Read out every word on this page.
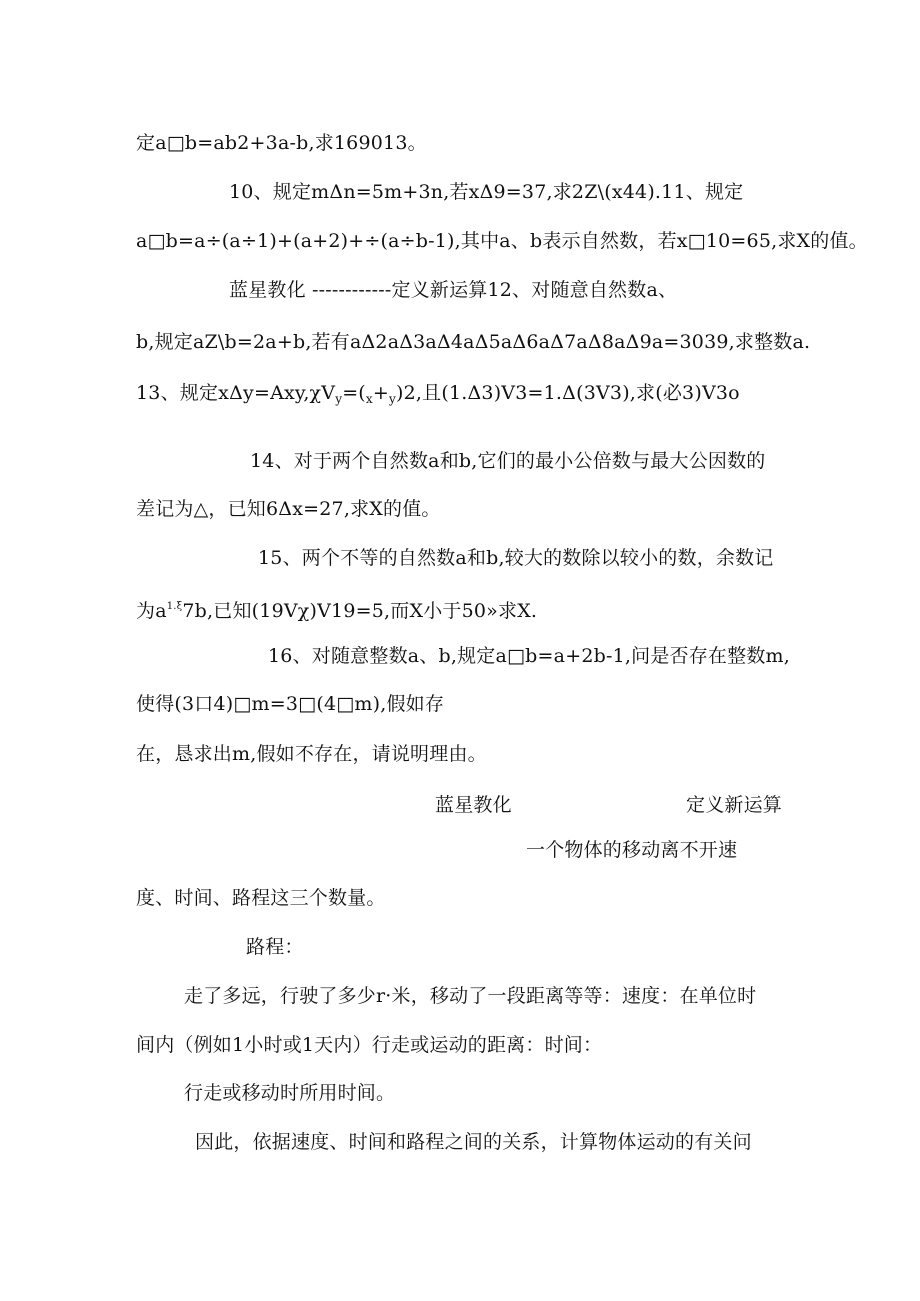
定a□b=ab2+3a-b,求169013。
10、规定mΔn=5m+3n,若xΔ9=37,求2Z\(x44).11、规定
a□b=a÷(a÷1)+(a+2)+÷(a÷b-1),其中a、b表示自然数，若x□10=65,求X的值。
蓝星教化 ------------定义新运算12、对随意自然数a、
b,规定aZ\b=2a+b,若有aΔ2aΔ3aΔ4aΔ5aΔ6aΔ7aΔ8aΔ9a=3039,求整数a.
13、规定$x\Delta y=Axy,\chi V_y=(_x+_y)2$,且(1.Δ3)V3=1.Δ(3V3),求(必3)V3o
14、对于两个自然数a和b,它们的最小公倍数与最大公因数的
差记为△，已知6Δx=27,求X的值。
15、两个不等的自然数a和b,较大的数除以较小的数，余数记
为$a^{1.\xi}7b$,已知(19Vχ)V19=5,而X小于50»求X.
16、对随意整数a、b,规定a□b=a+2b-1,问是否存在整数m,
使得(3口4)□m=3□(4□m),假如存
在，恳求出m,假如不存在，请说明理由。
蓝星教化	定义新运算
一个物体的移动离不开速
度、时间、路程这三个数量。
路程：
走了多远，行驶了多少r·米，移动了一段距离等等：速度：在单位时
间内（例如1小时或1天内）行走或运动的距离：时间：
行走或移动时所用时间。
因此，依据速度、时间和路程之间的关系，计算物体运动的有关问
